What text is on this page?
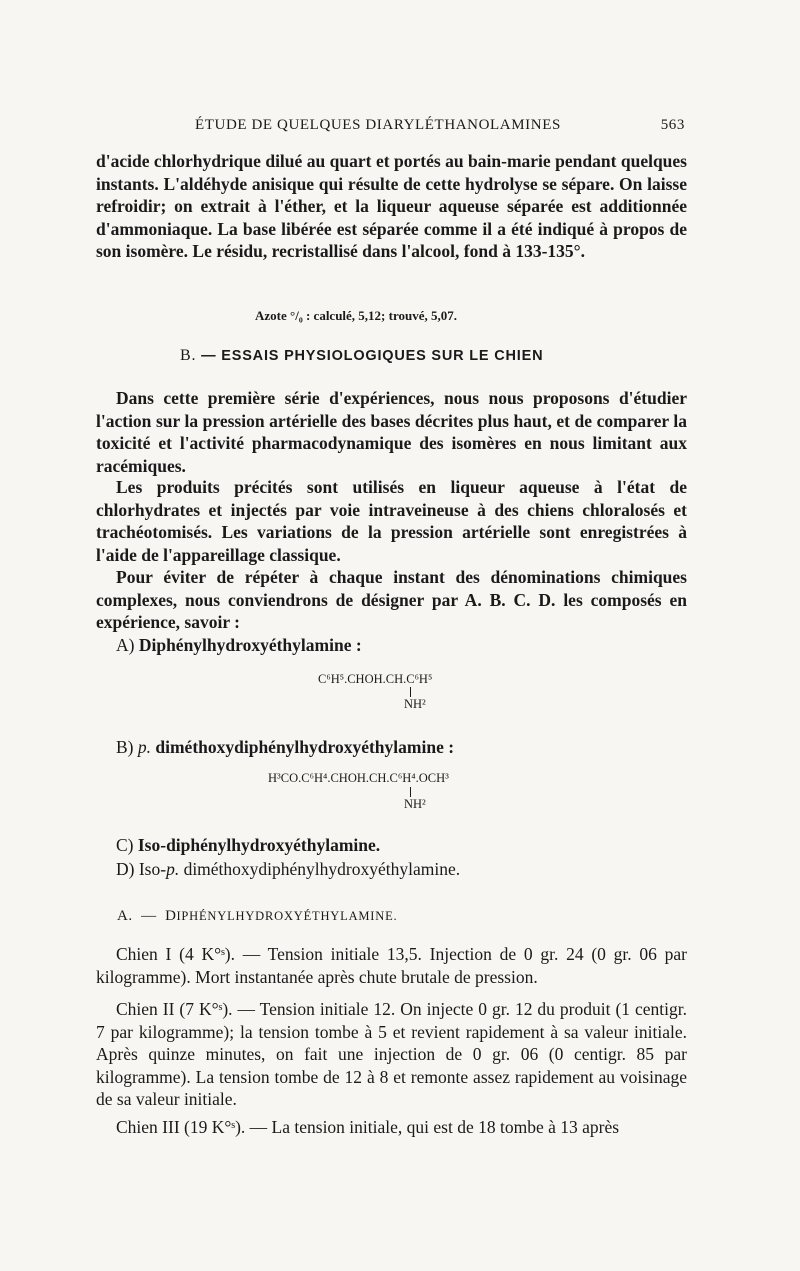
ÉTUDE DE QUELQUES DIARYLÉTHANOLAMINES	563
d'acide chlorhydrique dilué au quart et portés au bain-marie pendant quelques instants. L'aldéhyde anisique qui résulte de cette hydrolyse se sépare. On laisse refroidir; on extrait à l'éther, et la liqueur aqueuse séparée est additionnée d'ammoniaque. La base libérée est séparée comme il a été indiqué à propos de son isomère. Le résidu, recristallisé dans l'alcool, fond à 133-135°.
Azote °/₀ : calculé, 5,12; trouvé, 5,07.
B. — ESSAIS PHYSIOLOGIQUES SUR LE CHIEN
Dans cette première série d'expériences, nous nous proposons d'étudier l'action sur la pression artérielle des bases décrites plus haut, et de comparer la toxicité et l'activité pharmacodynamique des isomères en nous limitant aux racémiques.
Les produits précités sont utilisés en liqueur aqueuse à l'état de chlorhydrates et injectés par voie intraveineuse à des chiens chloralosés et trachéotomisés. Les variations de la pression artérielle sont enregistrées à l'aide de l'appareillage classique.
Pour éviter de répéter à chaque instant des dénominations chimiques complexes, nous conviendrons de désigner par A. B. C. D. les composés en expérience, savoir :
A) Diphénylhydroxyéthylamine :
C⁶H⁵.CHOH.CH.C⁶H⁵
NH²
B) p. diméthoxydiphénylhydroxyéthylamine :
H³CO.C⁶H⁴.CHOH.CH.C⁶H⁴.OCH³
NH²
C) Iso-diphénylhydroxyéthylamine.
D) Iso-p. diméthoxydiphénylhydroxyéthylamine.
A. — DIPHÉNYLHYDROXYÉTHYLAMINE.
Chien I (4 K°ˢ). — Tension initiale 13,5. Injection de 0 gr. 24 (0 gr. 06 par kilogramme). Mort instantanée après chute brutale de pression.
Chien II (7 K°ˢ). — Tension initiale 12. On injecte 0 gr. 12 du produit (1 centigr. 7 par kilogramme); la tension tombe à 5 et revient rapidement à sa valeur initiale. Après quinze minutes, on fait une injection de 0 gr. 06 (0 centigr. 85 par kilogramme). La tension tombe de 12 à 8 et remonte assez rapidement au voisinage de sa valeur initiale.
Chien III (19 K°ˢ). — La tension initiale, qui est de 18 tombe à 13 après
